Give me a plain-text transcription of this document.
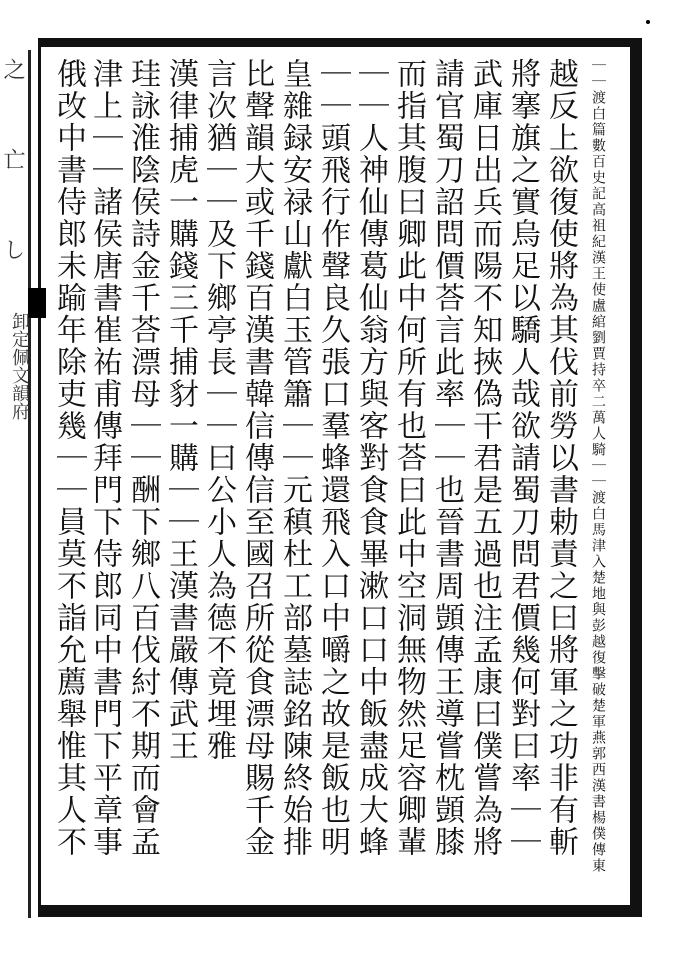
之
亡
し
卸定佩文韻府	｜｜渡白篇數百史記高祖紀漢王使盧綰劉賈持卒二萬人騎｜｜渡白馬津入楚地與彭越復擊破楚軍燕郭西漢書楊僕傳東
越反上欲復使將為其伐前勞以書勅責之曰將軍之功非有斬
將搴旗之實烏足以驕人哉欲請蜀刀問君價幾何對曰率｜｜
武庫日出兵而陽不知挾偽干君是五過也注孟康曰僕嘗為將
請官蜀刀詔問價荅言此率｜｜也晉書周顗傳王導嘗枕顗膝
而指其腹曰卿此中何所有也荅曰此中空洞無物然足容卿輩
｜｜人神仙傳葛仙翁方與客對食食畢漱口口中飯盡成大蜂
｜｜頭飛行作聲良久張口羣蜂還飛入口中嚼之故是飯也明
皇雜録安禄山獻白玉管簫｜｜元稹杜工部墓誌銘陳終始排
比聲韻大或千錢百漢書韓信傳信至國召所從食漂母賜千金
言次猶｜｜及下鄉亭長｜｜曰公小人為德不竟埋雅
漢律捕虎一購錢三千捕豺一購｜｜王漢書嚴傳武王
珪詠淮陰侯詩金千荅漂母｜｜酬下鄉八百伐紂不期而會孟
津上｜｜諸侯唐書崔祐甫傳拜門下侍郎同中書門下平章事
俄改中書侍郎未踰年除吏幾｜｜員莫不詣允薦舉惟其人不
